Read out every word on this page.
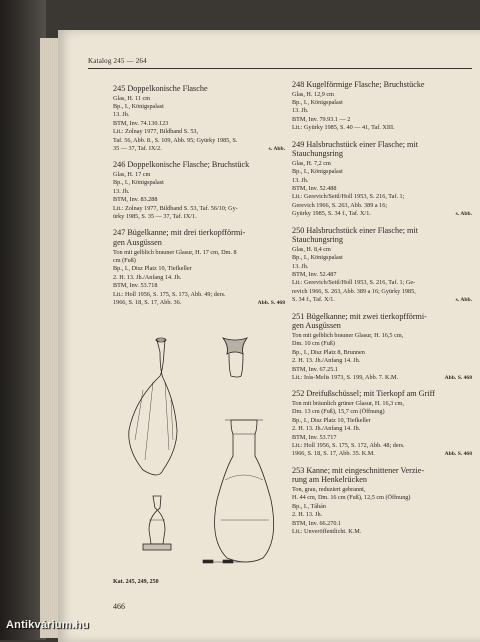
Katalog 245 — 264
245 Doppelkonische Flasche
Glas, H. 11 cm
Bp., I., Königspalast
13. Jh.
BTM, Inv. 74.130.123
Lit.: Zolnay 1977, Bildband S. 53,
Taf. 56, Abb. 8., S. 109, Abb. 95; Gyürky 1985, S.
35 — 37, Taf. IX/2.	s. Abb.
246 Doppelkonische Flasche; Bruchstück
Glas, H. 17 cm
Bp., I., Königspalast
13. Jh.
BTM, Inv. 83.288
Lit.: Zolnay 1977, Bildband S. 53, Taf. 56/10; Gy-
ürky 1985, S. 35 — 37, Taf. IX/1.
247 Bügelkanne; mit drei tierkopfförmi-
gen Ausgüssen
Ton mit gelblich brauner Glasur, H. 17 cm, Dm. 8
cm (Fuß)
Bp., I., Disz Platz 10, Tiefkeller
2. H. 13. Jh./Anfang 14. Jh.
BTM, Inv. 53.718
Lit.: Holl 1956, S. 175, S. 173, Abb. 49; ders.
1966, S. 18, S. 17, Abb. 36.	Abb. S. 468
248 Kugelförmige Flasche; Bruchstücke
Glas, H. 12,9 cm
Bp., I., Königspalast
13. Jh.
BTM, Inv. 79.93.1 — 2
Lit.: Gyürky 1985, S. 40 — 41, Taf. XIII.
249 Halsbruchstück einer Flasche; mit
Stauchungsring
Glas, H. 7,2 cm
Bp., I., Königspalast
13. Jh.
BTM, Inv. 52.488
Lit.: Gerevich/Seitl/Holl 1953, S. 216, Taf. 1;
Gerevich 1966, S. 263, Abb. 389 a 16;
Gyürky 1985, S. 34 f., Taf. X/1.	s. Abb.
250 Halsbruchstück einer Flasche; mit
Stauchungsring
Glas, H. 8,4 cm
Bp., I., Königspalast
13. Jh.
BTM, Inv. 52.487
Lit.: Gerevich/Seitl/Holl 1953, S. 216, Taf. 1; Ge-
revich 1966, S. 263, Abb. 389 a 16; Gyürky 1985,
S. 34 f., Taf. X/1.	s. Abb.
251 Bügelkanne; mit zwei tierkopfförmi-
gen Ausgüssen
Ton mit gelblich brauner Glasur, H. 16,5 cm,
Dm. 10 cm (Fuß)
Bp., I., Disz Platz 8, Brunnen
2. H. 13. Jh./Anfang 14. Jh.
BTM, Inv. 67.25.1
Lit.: Irás-Melis 1973, S. 199, Abb. 7. K.M.	Abb. S. 468
252 Dreifußschüssel; mit Tierkopf am Griff
Ton mit bräunlich grüner Glasur, H. 16,3 cm,
Dm. 13 cm (Fuß), 15,7 cm (Öffnung)
Bp., I., Disz Platz 10, Tiefkeller
2. H. 13. Jh./Anfang 14. Jh.
BTM, Inv. 53.717
Lit.: Holl 1956, S. 175, S. 172, Abb. 48; ders.
1966, S. 18, S. 17, Abb. 35. K.M.	Abb. S. 468
253 Kanne; mit eingeschnittener Verzie-
rung am Henkelrücken
Ton, grau, reduziert gebrannt,
H. 44 cm, Dm. 16 cm (Fuß), 12,5 cm (Öffnung)
Bp., I., Táhán
2. H. 13. Jh.
BTM, Inv. 66.270.1
Lit.: Unveröffentlicht. K.M.
Kat. 245, 249, 250
466
Antikvárium.hu
